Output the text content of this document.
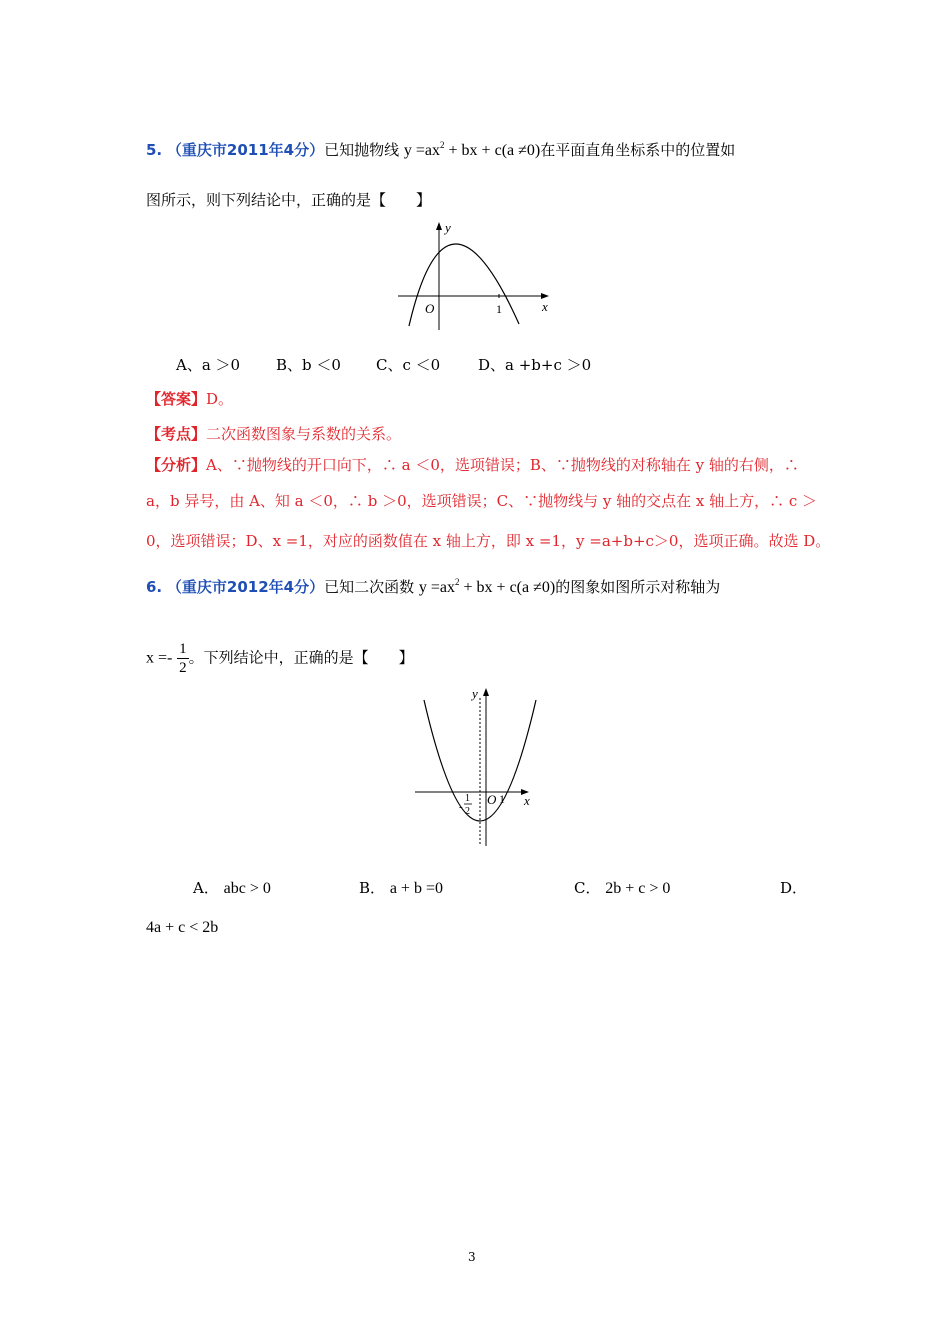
5. （重庆市2011年4分）已知抛物线 $y =ax^2$ + bx + c(a ≠0)在平面直角坐标系中的位置如
图所示，则下列结论中，正确的是【　　】
y
x
O	1
A、a ＞0 B、b ＜0 C、c ＜0	D、a +b+c ＞0
【答案】D。
【考点】二次函数图象与系数的关系。
【分析】A、∵抛物线的开口向下，∴ a ＜0，选项错误；B、∵抛物线的对称轴在 y 轴的右侧，∴
a，b 异号，由 A、知 a ＜0，∴ b ＞0，选项错误；C、∵抛物线与 y 轴的交点在 x 轴上方，∴ c ＞
0，选项错误；D、x =1，对应的函数值在 x 轴上方，即 x =1，y =a+b+c＞0，选项正确。故选 D。
6. （重庆市2012年4分）已知二次函数 $y =ax^2$ + bx + c(a ≠0)的图象如图所示对称轴为
$x =- \frac{1}{2}$ 。下列结论中，正确的是【　　】
y
x
O 1
-
1
2
A． abc > 0	B． a + b =0	C． 2b + c > 0	D．
4a + c < 2b
3
